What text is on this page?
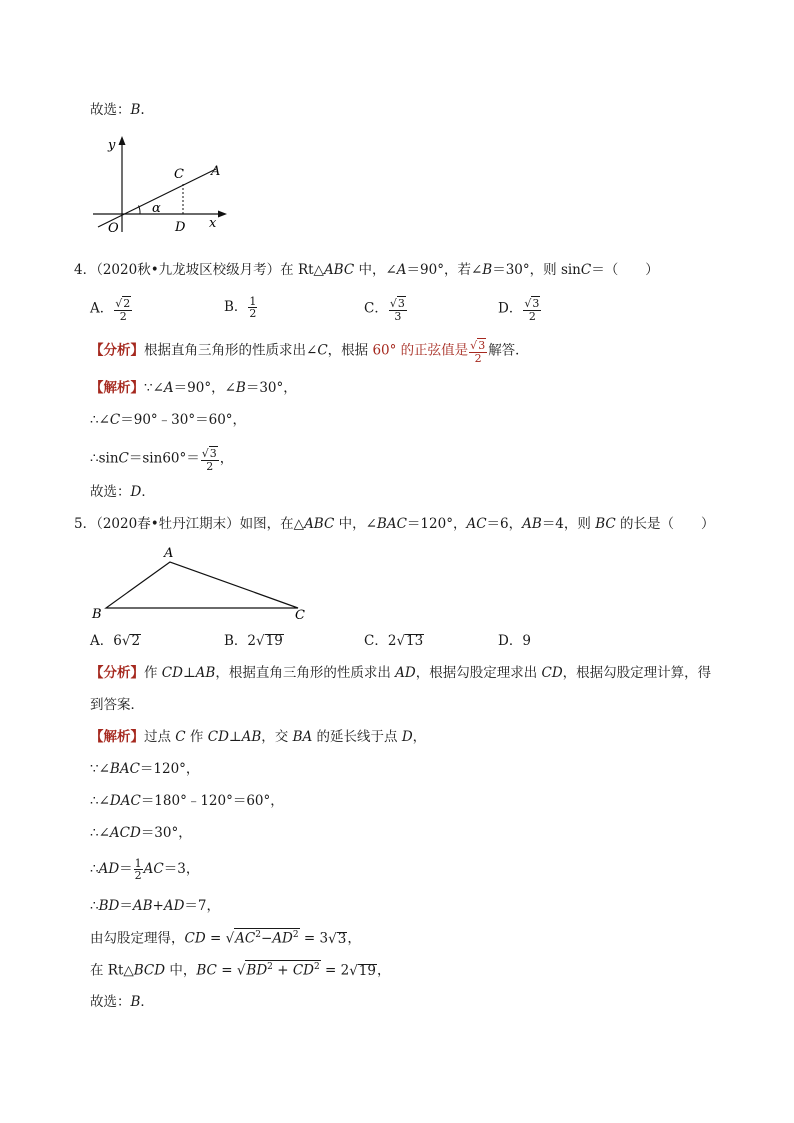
故选：B.
y
x
O
A
C
D
α
4．（2020秋•九龙坡区校级月考）在 Rt△ABC 中，∠A＝90°，若∠B＝30°，则 sinC＝（　　）
A． $\frac{√2}{2}$	B． $\frac{1}{2}$	C． $\frac{√3}{3}$	D． $\frac{√3}{2}$
【分析】根据直角三角形的性质求出∠C，根据 60° 的正弦值是 $\frac{√3}{2}$ 解答．
【解析】∵∠A＝90°，∠B＝30°，
∴∠C＝90°﹣30°＝60°，
∴sinC＝sin60°＝ $\frac{√3}{2}$ ，
故选：D．
5．（2020春•牡丹江期末）如图，在△ABC 中，∠BAC＝120°，AC＝6，AB＝4，则 BC 的长是（　　）
A
B	C
A．6√2	B．2√19	C．2√13	D．9
【分析】作 CD⊥AB，根据直角三角形的性质求出 AD，根据勾股定理求出 CD，根据勾股定理计算，得
到答案．
【解析】过点 C 作 CD⊥AB，交 BA 的延长线于点 D，
∵∠BAC＝120°，
∴∠DAC＝180°﹣120°＝60°，
∴∠ACD＝30°，
∴AD＝ $\frac{1}{2} AC=3$，
∴BD＝AB+AD＝7，
由勾股定理得，CD = $√AC^2-AD^2 = 3√3$，
在 Rt△BCD 中，BC = $√BD^2 + CD^2 = 2√19$，
故选：B．
